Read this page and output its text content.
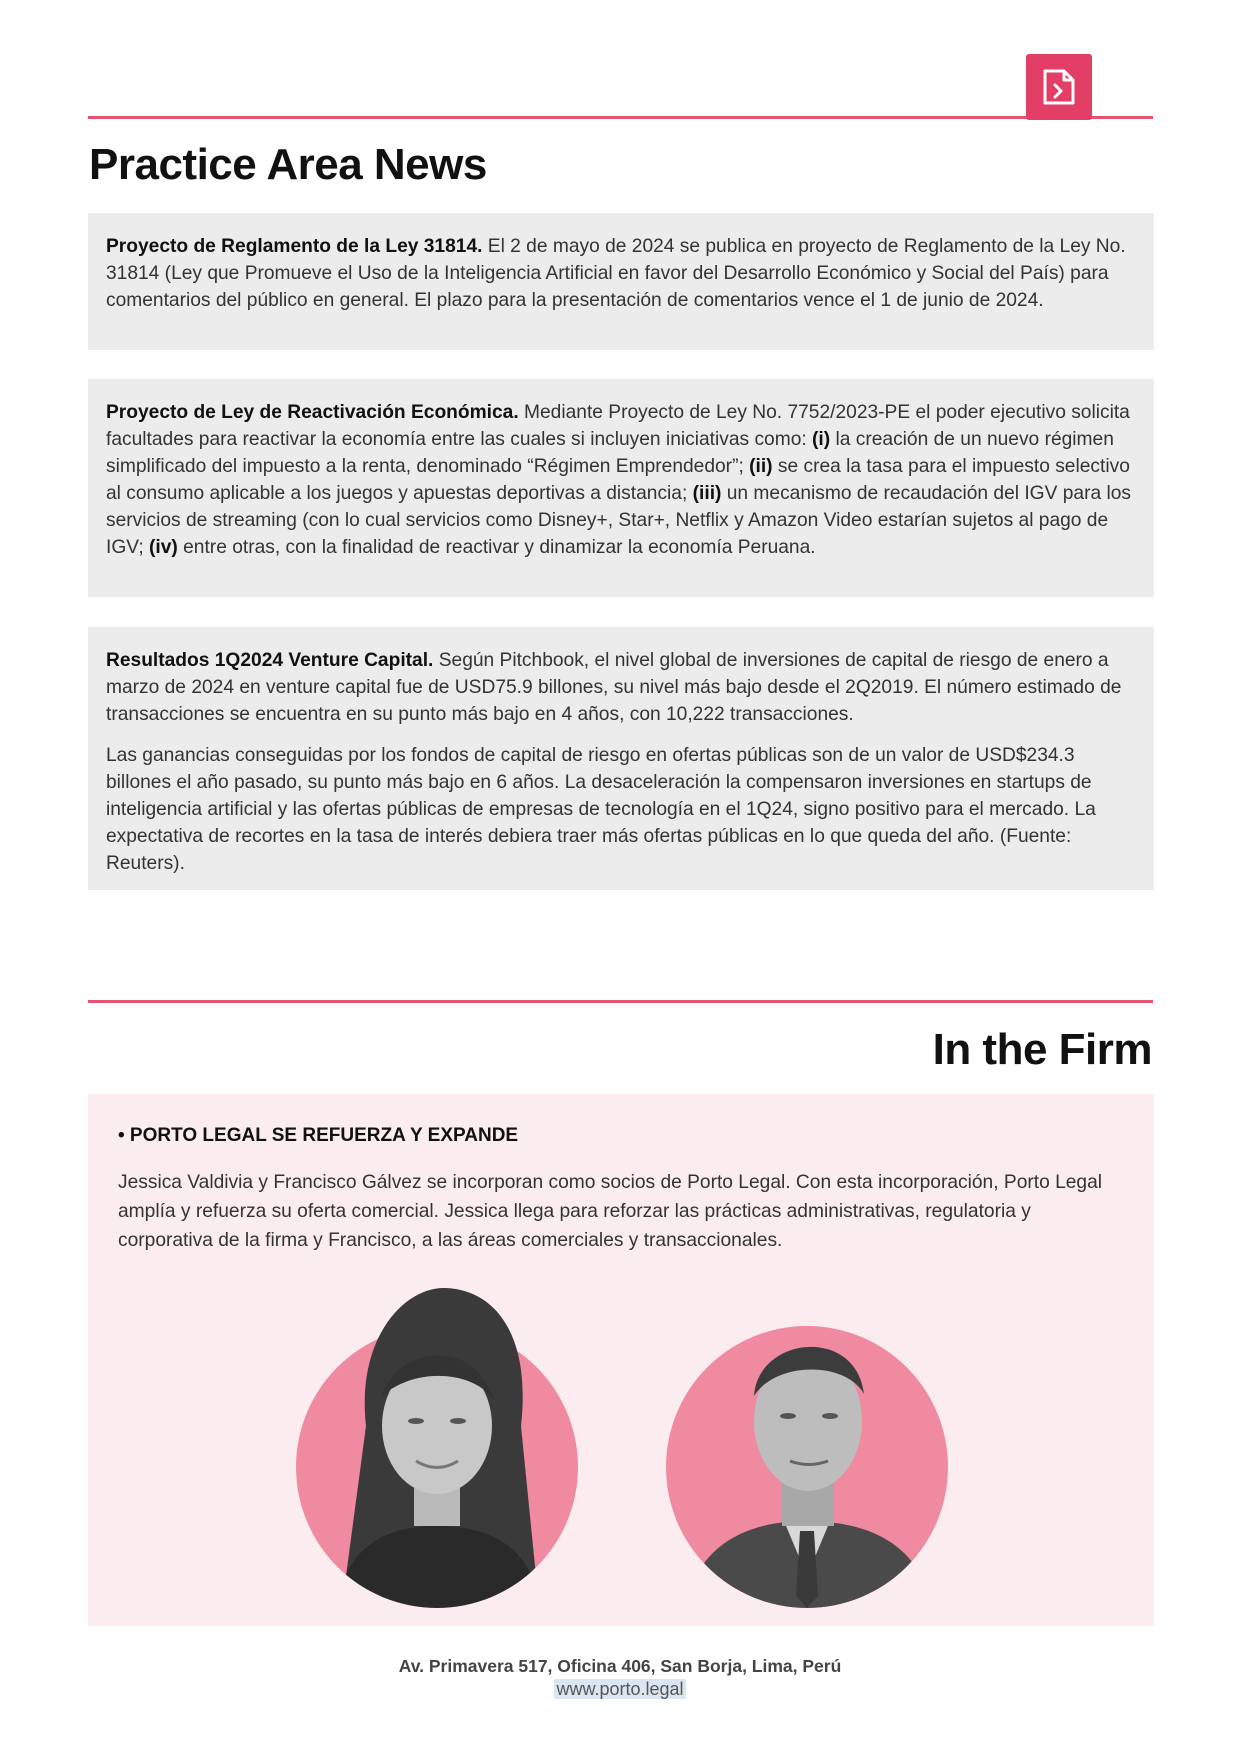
Practice Area News

Proyecto de Reglamento de la Ley 31814. El 2 de mayo de 2024 se publica en proyecto de Reglamento de la Ley No. 31814 (Ley que Promueve el Uso de la Inteligencia Artificial en favor del Desarrollo Económico y Social del País) para comentarios del público en general. El plazo para la presentación de comentarios vence el 1 de junio de 2024.

Proyecto de Ley de Reactivación Económica. Mediante Proyecto de Ley No. 7752/2023-PE el poder ejecutivo solicita facultades para reactivar la economía entre las cuales si incluyen iniciativas como: (i) la creación de un nuevo régimen simplificado del impuesto a la renta, denominado “Régimen Emprendedor”; (ii) se crea la tasa para el impuesto selectivo al consumo aplicable a los juegos y apuestas deportivas a distancia; (iii) un mecanismo de recaudación del IGV para los servicios de streaming (con lo cual servicios como Disney+, Star+, Netflix y Amazon Video estarían sujetos al pago de IGV; (iv) entre otras, con la finalidad de reactivar y dinamizar la economía Peruana.

Resultados 1Q2024 Venture Capital. Según Pitchbook, el nivel global de inversiones de capital de riesgo de enero a marzo de 2024 en venture capital fue de USD75.9 billones, su nivel más bajo desde el 2Q2019. El número estimado de transacciones se encuentra en su punto más bajo en 4 años, con 10,222 transacciones.

Las ganancias conseguidas por los fondos de capital de riesgo en ofertas públicas son de un valor de USD$234.3 billones el año pasado, su punto más bajo en 6 años. La desaceleración la compensaron inversiones en startups de inteligencia artificial y las ofertas públicas de empresas de tecnología en el 1Q24, signo positivo para el mercado. La expectativa de recortes en la tasa de interés debiera traer más ofertas públicas en lo que queda del año. (Fuente: Reuters).

In the Firm
• PORTO LEGAL SE REFUERZA Y EXPANDE
Jessica Valdivia y Francisco Gálvez se incorporan como socios de Porto Legal. Con esta incorporación, Porto Legal amplía y refuerza su oferta comercial. Jessica llega para reforzar las prácticas administrativas, regulatoria y corporativa de la firma y Francisco, a las áreas comerciales y transaccionales.
Av. Primavera 517, Oficina 406, San Borja, Lima, Perú
www.porto.legal
